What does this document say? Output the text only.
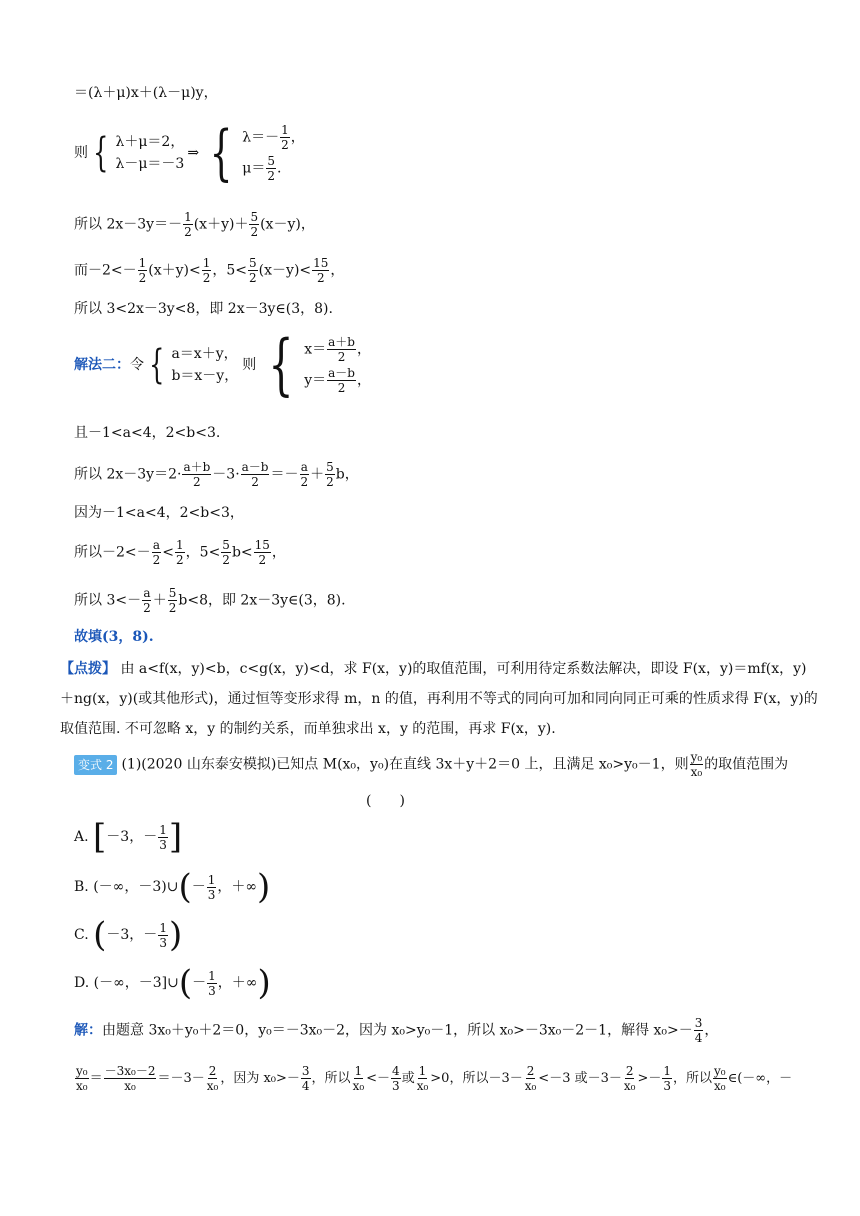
＝(λ＋μ)x＋(λ－μ)y，
则 { λ＋μ＝2，
λ－μ＝－3
⇒ { $\lambda=- \frac{1}{2}$ ，
$\mu= \frac{5}{2}$ .
所以 $2x-3y=- \frac{1}{2} (x+y)+ \frac{5}{2} (x-y)$，
而$-2<- \frac{1}{2} (x+y)< \frac{1}{2}$ ，$5< \frac{5}{2} (x-y)< \frac{15}{2}$ ，
所以 3<2x－3y<8，即 2x－3y∈(3，8).
解法二： 令 { a＝x＋y，
b＝x－y，
则 { $x= \frac{a+b}{2}$ ，
$y= \frac{a-b}{2}$ ，
且－1<a<4，2<b<3.
所以 $2x-3y=2\cdot \frac{a+b}{2} -3\cdot \frac{a-b}{2} =- \frac{a}{2} + \frac{5}{2}$ b，
因为－1<a<4，2<b<3，
所以$-2<- \frac{a}{2} < \frac{1}{2}$ ，$5< \frac{5}{2} b< \frac{15}{2}$ ，
所以 $3<- \frac{a}{2} + \frac{5}{2} b<8$，即 2x－3y∈(3，8).
故填(3，8).
【点拨】 由 a<f(x，y)<b，c<g(x，y)<d，求 F(x，y)的取值范围，可利用待定系数法解决，即设 F(x，y)＝mf(x，y)＋ng(x，y)(或其他形式)，通过恒等变形求得 m，n 的值，再利用不等式的同向可加和同向同正可乘的性质求得 F(x，y)的取值范围. 不可忽略 x，y 的制约关系，而单独求出 x，y 的范围，再求 F(x，y).
变式 2 (1)(2020 山东泰安模拟)已知点 M(x₀，y₀)在直线 3x＋y＋2＝0 上，且满足 x₀>y₀－1，则 $\frac{\text{y₀}}{\text{x₀}}$ 的取值范围为
(　　)
A. [ －3，－ $\frac{1}{3}$ ]
B. (－∞，－3)∪ ( － $\frac{1}{3}$ ，＋∞ )
C. ( －3，－ $\frac{1}{3}$ )
D. (－∞，－3]∪ ( － $\frac{1}{3}$ ，＋∞ )
解：由题意 3x₀＋y₀＋2＝0，y₀＝－3x₀－2，因为 x₀>y₀－1，所以 x₀>－3x₀－2－1，解得 $x_0>- \frac{3}{4}$ ，
$\frac{\text{y₀}}{\text{x₀}} = \frac{\text{－3x₀－2}}{\text{x₀}} =-3- \frac{2}{\text{x₀}}$ ，因为 $x_0>- \frac{3}{4}$ ，所以 $\frac{1}{\text{x₀}} <- \frac{4}{3}$ 或 $\frac{1}{\text{x₀}} >0$，所以$-3- \frac{2}{\text{x₀}} <-3$ 或$-3- \frac{2}{\text{x₀}} >- \frac{1}{3}$ ，所以 $\frac{\text{y₀}}{\text{x₀}}$ ∈(－∞，－
